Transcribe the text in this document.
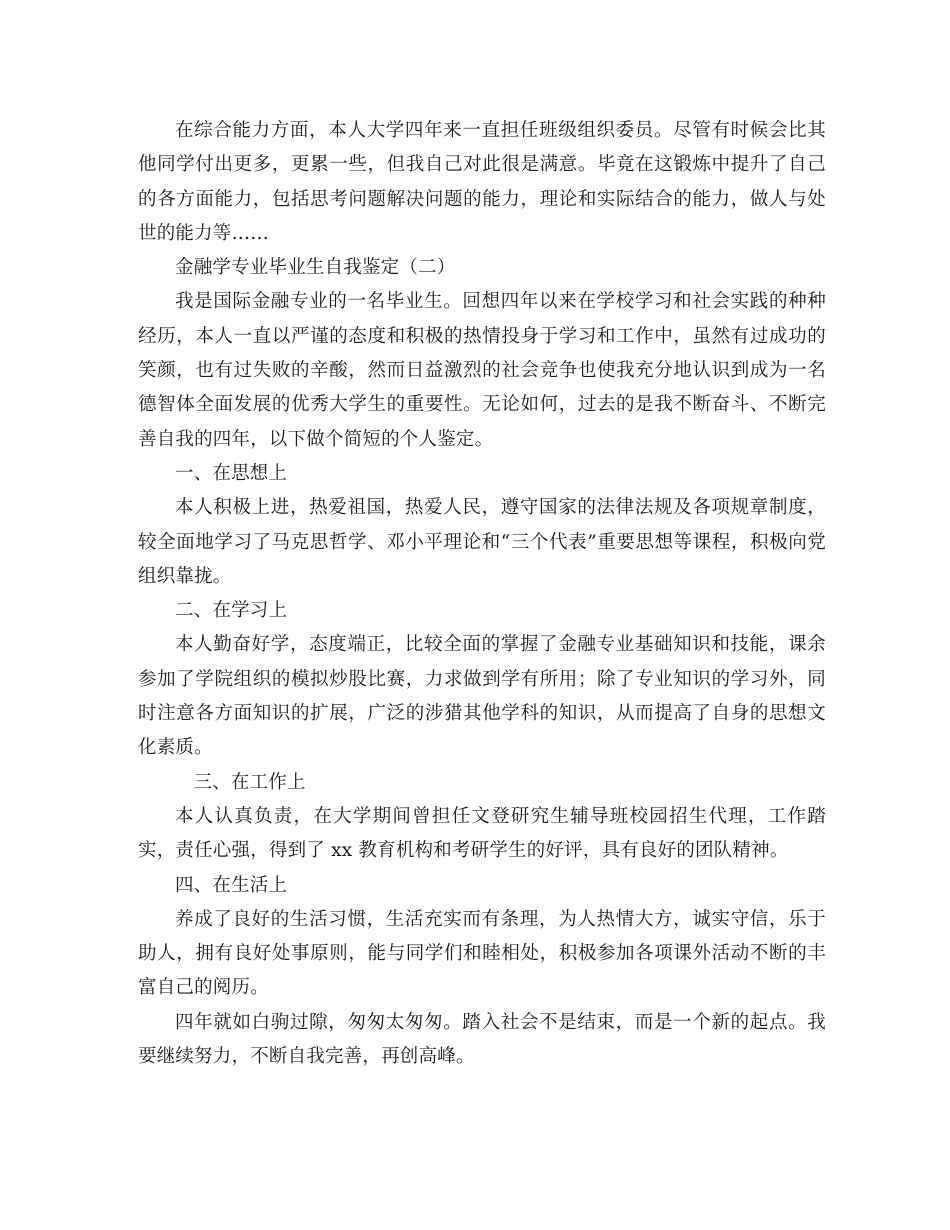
在综合能力方面，本人大学四年来一直担任班级组织委员。尽管有时候会比其他同学付出更多，更累一些，但我自己对此很是满意。毕竟在这锻炼中提升了自己的各方面能力，包括思考问题解决问题的能力，理论和实际结合的能力，做人与处世的能力等……

金融学专业毕业生自我鉴定（二）

我是国际金融专业的一名毕业生。回想四年以来在学校学习和社会实践的种种经历，本人一直以严谨的态度和积极的热情投身于学习和工作中，虽然有过成功的笑颜，也有过失败的辛酸，然而日益激烈的社会竞争也使我充分地认识到成为一名德智体全面发展的优秀大学生的重要性。无论如何，过去的是我不断奋斗、不断完善自我的四年，以下做个简短的个人鉴定。

一、在思想上

本人积极上进，热爱祖国，热爱人民，遵守国家的法律法规及各项规章制度，较全面地学习了马克思哲学、邓小平理论和“三个代表”重要思想等课程，积极向党组织靠拢。

二、在学习上

本人勤奋好学，态度端正，比较全面的掌握了金融专业基础知识和技能，课余参加了学院组织的模拟炒股比赛，力求做到学有所用；除了专业知识的学习外，同时注意各方面知识的扩展，广泛的涉猎其他学科的知识，从而提高了自身的思想文化素质。

三、在工作上

本人认真负责，在大学期间曾担任文登研究生辅导班校园招生代理，工作踏实，责任心强，得到了 xx 教育机构和考研学生的好评，具有良好的团队精神。

四、在生活上

养成了良好的生活习惯，生活充实而有条理，为人热情大方，诚实守信，乐于助人，拥有良好处事原则，能与同学们和睦相处，积极参加各项课外活动不断的丰富自己的阅历。

四年就如白驹过隙，匆匆太匆匆。踏入社会不是结束，而是一个新的起点。我要继续努力，不断自我完善，再创高峰。
